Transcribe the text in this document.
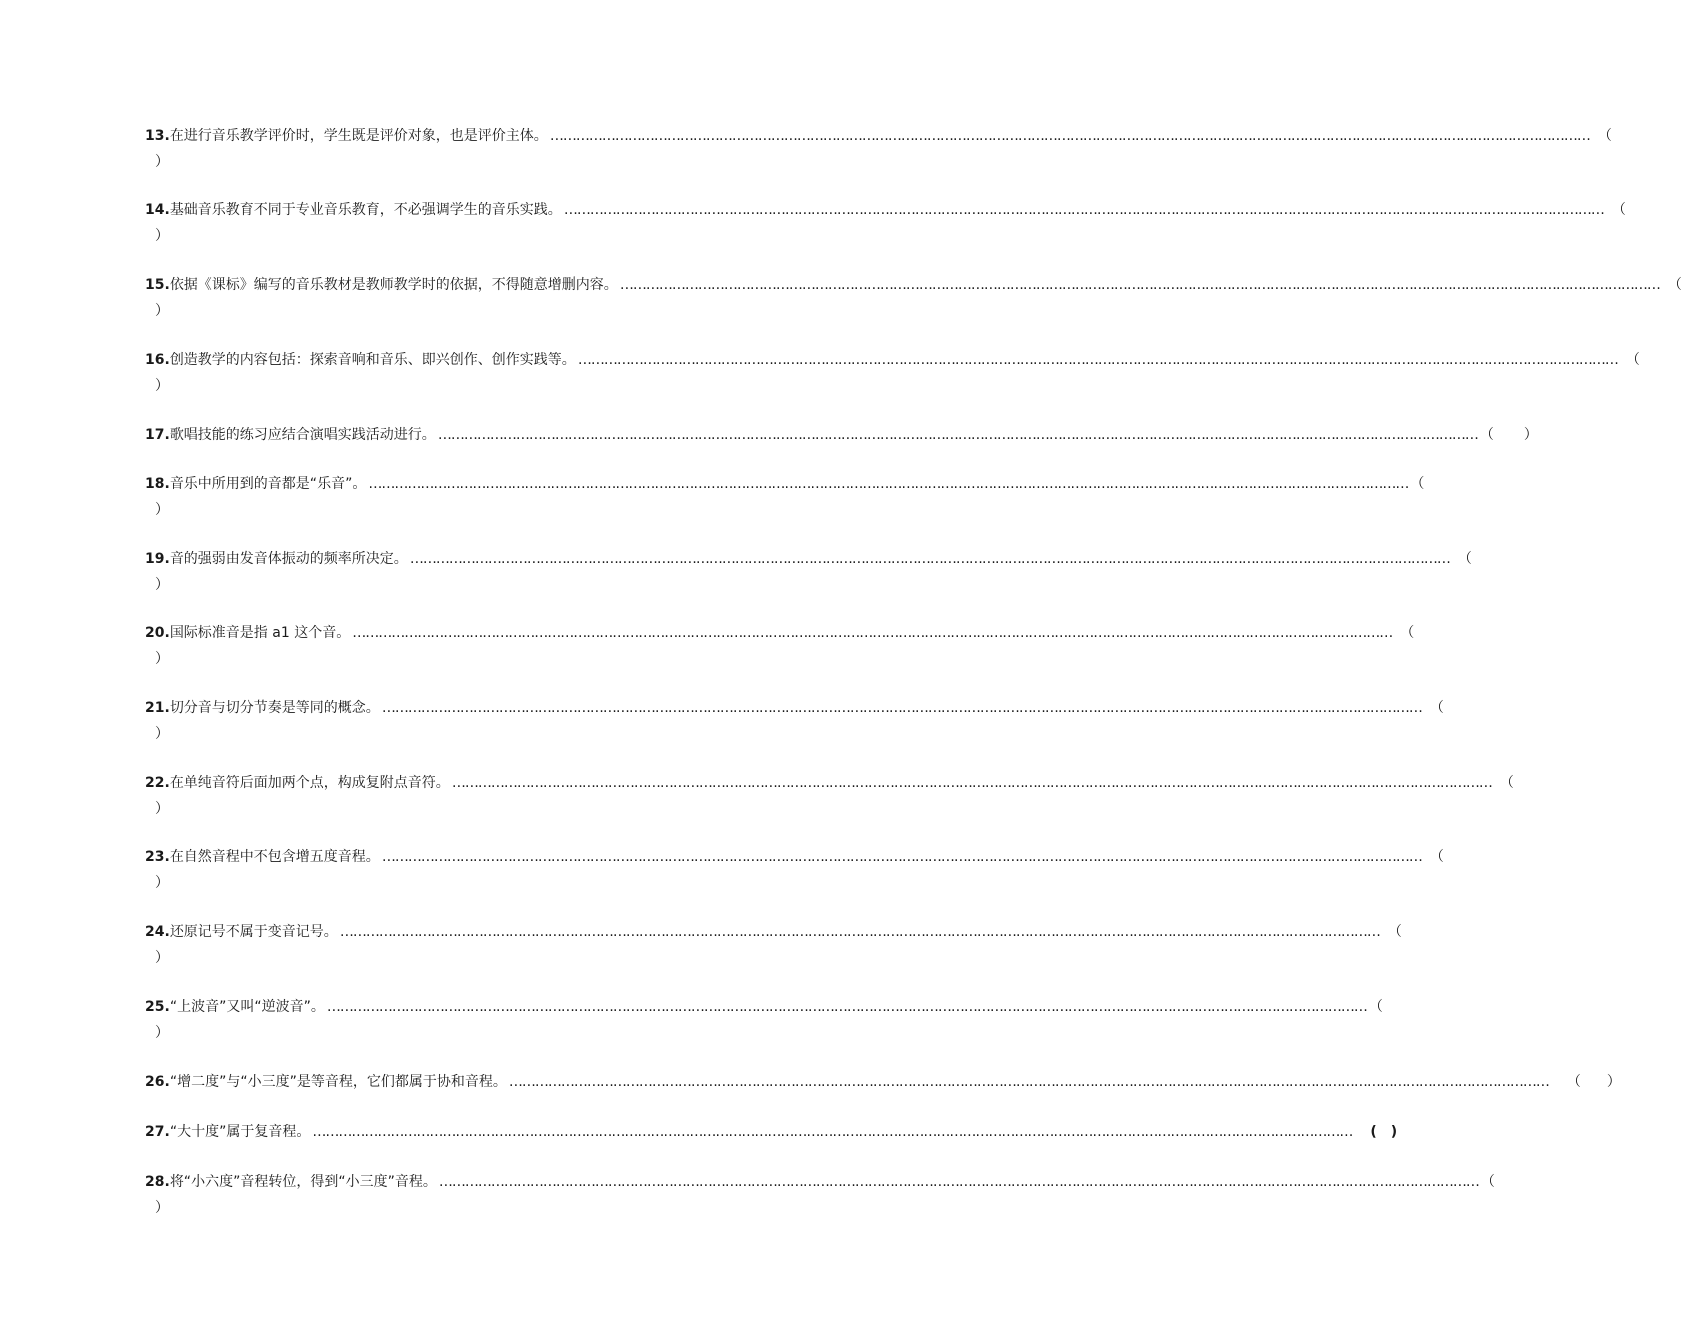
13. 在进行音乐教学评价时，学生既是评价对象，也是评价主体。 …………………………………………………………………………………………………………………………………………………………………………………………………………………… （
）
14. 基础音乐教育不同于专业音乐教育，不必强调学生的音乐实践。 …………………………………………………………………………………………………………………………………………………………………………………………………………………… （
）
15. 依据《课标》编写的音乐教材是教师教学时的依据，不得随意增删内容。 …………………………………………………………………………………………………………………………………………………………………………………………………………………… （
）
16. 创造教学的内容包括：探索音响和音乐、即兴创作、创作实践等。 …………………………………………………………………………………………………………………………………………………………………………………………………………………… （
）
17. 歌唱技能的练习应结合演唱实践活动进行。 …………………………………………………………………………………………………………………………………………………………………………………………………………………… （ ）
18. 音乐中所用到的音都是“乐音”。 …………………………………………………………………………………………………………………………………………………………………………………………………………………… （
）
19. 音的强弱由发音体振动的频率所决定。 …………………………………………………………………………………………………………………………………………………………………………………………………………………… （
）
20. 国际标准音是指 a1 这个音。 …………………………………………………………………………………………………………………………………………………………………………………………………………………… （
）
21. 切分音与切分节奏是等同的概念。 …………………………………………………………………………………………………………………………………………………………………………………………………………………… （
）
22. 在单纯音符后面加两个点，构成复附点音符。 …………………………………………………………………………………………………………………………………………………………………………………………………………………… （
）
23. 在自然音程中不包含增五度音程。 …………………………………………………………………………………………………………………………………………………………………………………………………………………… （
）
24. 还原记号不属于变音记号。 …………………………………………………………………………………………………………………………………………………………………………………………………………………… （
）
25. “上波音”又叫“逆波音”。 …………………………………………………………………………………………………………………………………………………………………………………………………………………… （
）
26. “增二度”与“小三度”是等音程，它们都属于协和音程。 …………………………………………………………………………………………………………………………………………………………………………………………………………………… （ ）
27. “大十度”属于复音程。 …………………………………………………………………………………………………………………………………………………………………………………………………………………… ( )
28. 将“小六度”音程转位，得到“小三度”音程。 …………………………………………………………………………………………………………………………………………………………………………………………………………………… （
）
